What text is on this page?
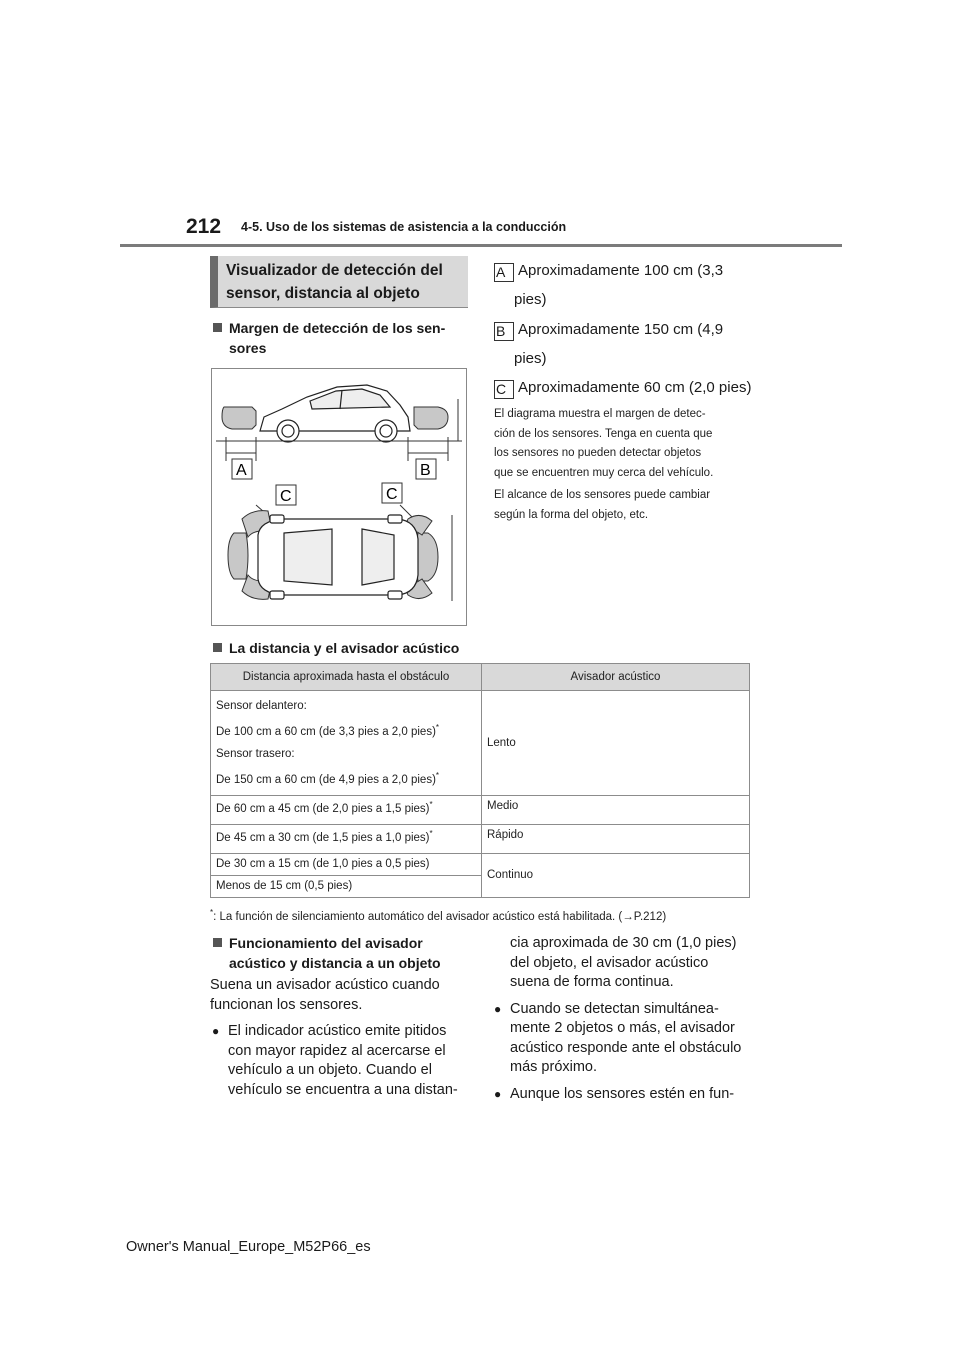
212 4-5. Uso de los sistemas de asistencia a la conducción
Visualizador de detección del
sensor, distancia al objeto
Margen de detección de los sen-
sores
A	B
C	C
A Aproximadamente 100 cm (3,3
pies)
B Aproximadamente 150 cm (4,9
pies)
C Aproximadamente 60 cm (2,0 pies)
El diagrama muestra el margen de detec-
ción de los sensores. Tenga en cuenta que
los sensores no pueden detectar objetos
que se encuentren muy cerca del vehículo.
El alcance de los sensores puede cambiar
según la forma del objeto, etc.
La distancia y el avisador acústico
Distancia aproximada hasta el obstáculo	Avisador acústico

Sensor delantero:
De 100 cm a 60 cm (de 3,3 pies a 2,0 pies)*
Sensor trasero:
De 150 cm a 60 cm (de 4,9 pies a 2,0 pies)*	Lento
De 60 cm a 45 cm (de 2,0 pies a 1,5 pies)*	Medio
De 45 cm a 30 cm (de 1,5 pies a 1,0 pies)*	Rápido
De 30 cm a 15 cm (de 1,0 pies a 0,5 pies)	Continuo
Menos de 15 cm (0,5 pies)	
*: La función de silenciamiento automático del avisador acústico está habilitada. (→P.212)
Funcionamiento del avisador
acústico y distancia a un objeto
Suena un avisador acústico cuando
funcionan los sensores.
● El indicador acústico emite pitidos
con mayor rapidez al acercarse el
vehículo a un objeto. Cuando el
vehículo se encuentra a una distan-
cia aproximada de 30 cm (1,0 pies)
del objeto, el avisador acústico
suena de forma continua.
● Cuando se detectan simultánea-
mente 2 objetos o más, el avisador
acústico responde ante el obstáculo
más próximo.
● Aunque los sensores estén en fun-
Owner's Manual_Europe_M52P66_es
